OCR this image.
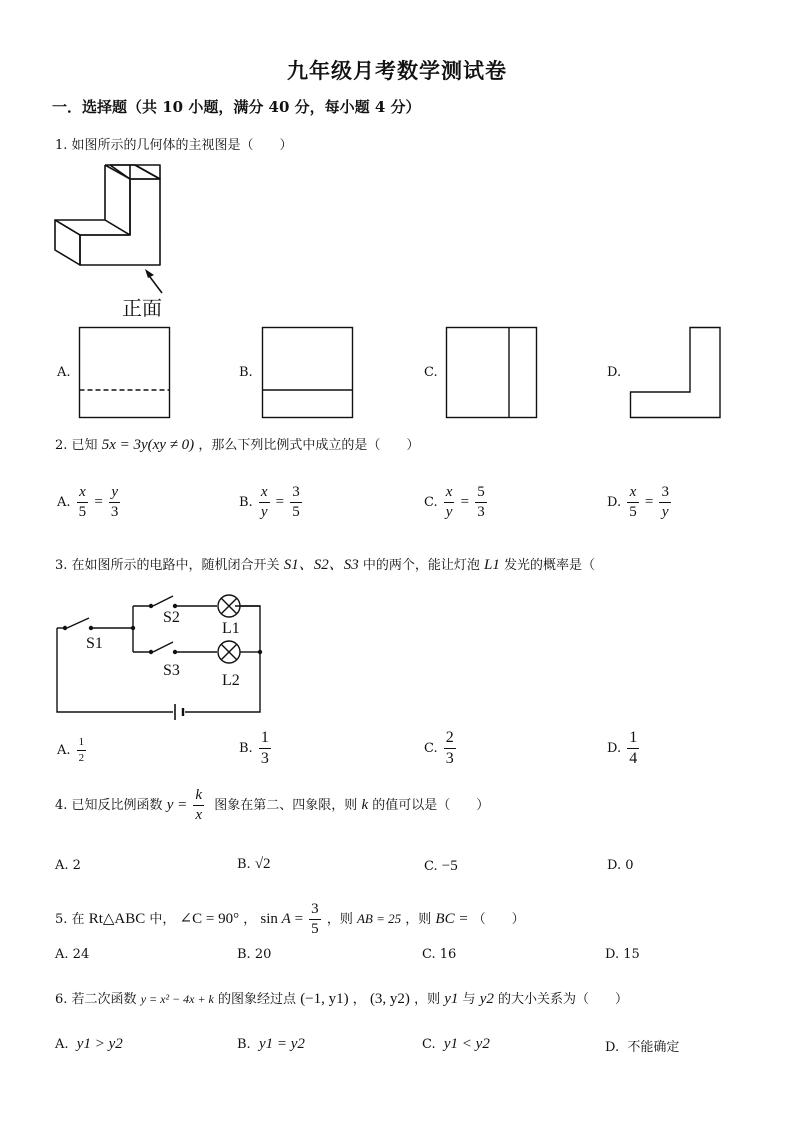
九年级月考数学测试卷
一．选择题（共 10 小题，满分 40 分，每小题 4 分）
1. 如图所示的几何体的主视图是（　　）
正面
A.	B.	C.	D.
2. 已知 5x = 3y(xy ≠ 0) ，那么下列比例式中成立的是（　　）
A. $\frac{x}{5} = \frac{y}{3}$	B. $\frac{x}{y} = \frac{3}{5}$	C. $\frac{x}{y} = \frac{5}{3}$	D. $\frac{x}{5} = \frac{3}{y}$
3. 在如图所示的电路中，随机闭合开关 S1、S2、S3 中的两个，能让灯泡 L1 发光的概率是（
S1
S2
S3
L1
L2
A. $\frac{1}{2}$	B. $\frac{1}{3}$	C. $\frac{2}{3}$	D. $\frac{1}{4}$
4. 已知反比例函数 $y = \frac{k}{x}$ 图象在第二、四象限，则 k 的值可以是（　　）
A. 2	B. √2	C. −5	D. 0
5. 在 Rt△ABC 中， ∠C = 90° ， $\sin A = \frac{3}{5}$ ，则 AB = 25 ，则 BC = （　　）
A. 24	B. 20	C. 16	D. 15
6. 若二次函数 y = x² − 4x + k 的图象经过点 (−1, y1) ， (3, y2) ，则 y1 与 y2 的大小关系为（　　）
A. y1 > y2	B. y1 = y2	C. y1 < y2	D. 不能确定
